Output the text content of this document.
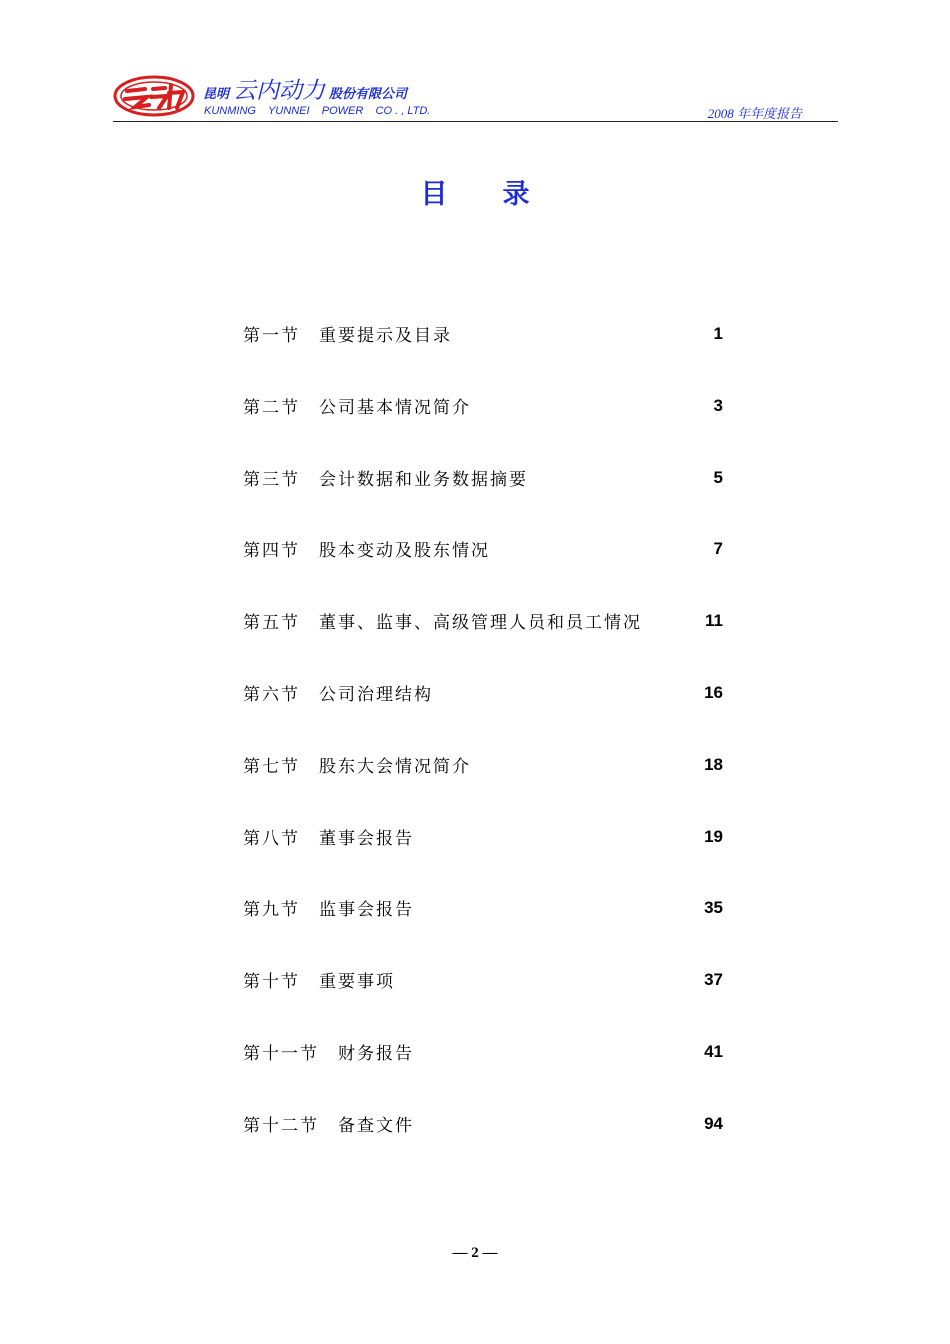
昆明 云内动力 股份有限公司
KUNMING    YUNNEI    POWER    CO . , LTD.	2008 年年度报告
目录
第一节 重要提示及目录	1
第二节 公司基本情况简介	3
第三节 会计数据和业务数据摘要	5
第四节 股本变动及股东情况	7
第五节 董事、监事、高级管理人员和员工情况	11
第六节 公司治理结构	16
第七节 股东大会情况简介	18
第八节 董事会报告	19
第九节 监事会报告	35
第十节 重要事项	37
第十一节 财务报告	41
第十二节 备查文件	94
— 2 —
